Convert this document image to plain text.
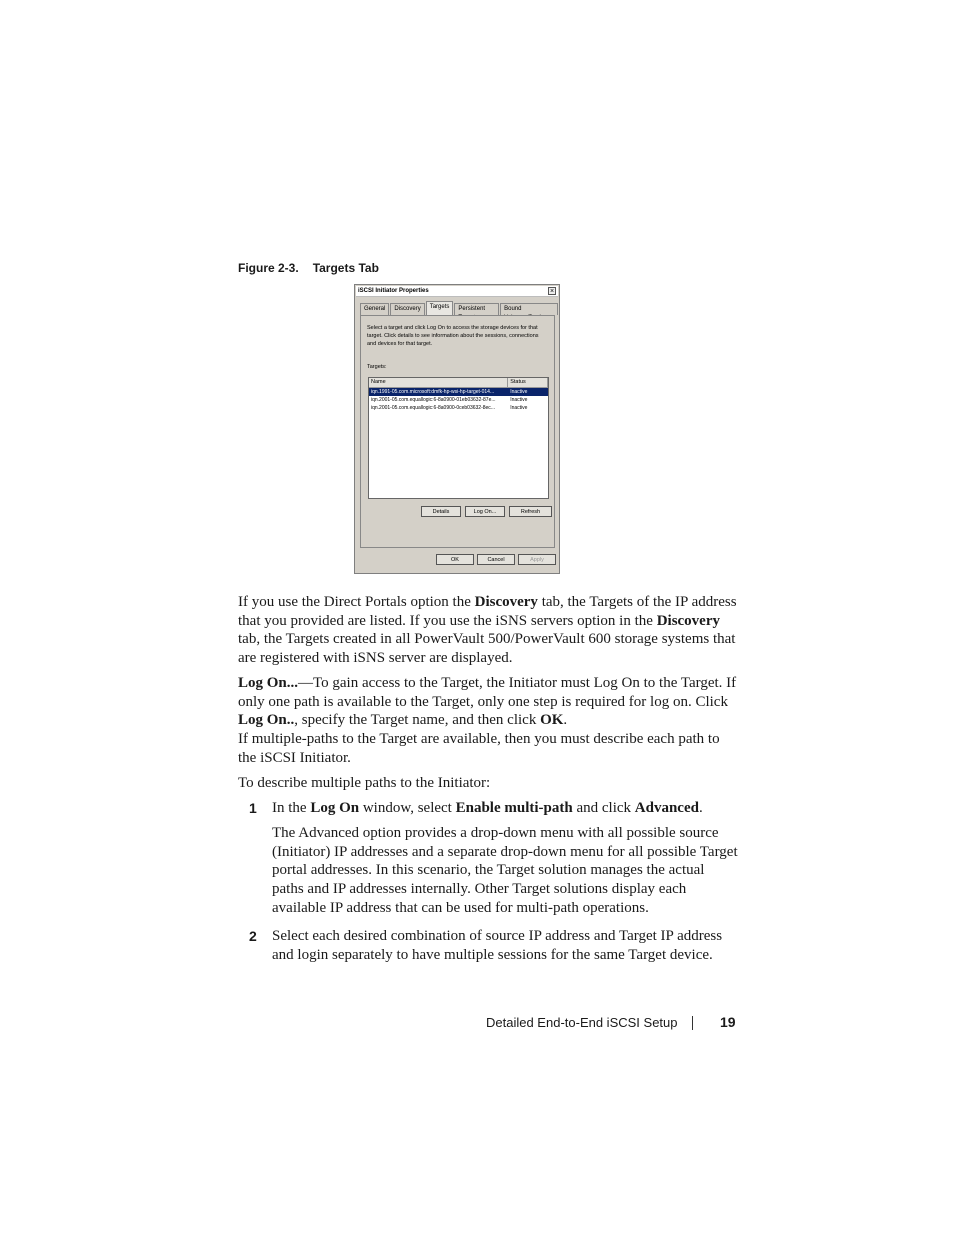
Figure 2-3. Targets Tab
iSCSI Initiator Properties	×
General	Discovery	Targets	Persistent	Bound
Select a target and click Log On to access the storage devices for that target. Click details to see information about the sessions, connections and devices for that target.
Targets:
Name	Status
iqn.1991-05.com.microsoft:dmfk-hp-wsi-hp-target-014...	Inactive
iqn.2001-05.com.equallogic:6-8a0900-01eb03632-87e...	Inactive
iqn.2001-05.com.equallogic:6-8a0900-0ceb03632-8ec...	Inactive
Details	Log On...	Refresh
OK	Cancel	Apply

If you use the Direct Portals option the Discovery tab, the Targets of the IP address that you provided are listed. If you use the iSNS servers option in the Discovery tab, the Targets created in all PowerVault 500/PowerVault 600 storage systems that are registered with iSNS server are displayed.

Log On...—To gain access to the Target, the Initiator must Log On to the Target. If only one path is available to the Target, only one step is required for log on. Click Log On.., specify the Target name, and then click OK.

If multiple-paths to the Target are available, then you must describe each path to the iSCSI Initiator.

To describe multiple paths to the Initiator:

1 In the Log On window, select Enable multi-path and click Advanced.

The Advanced option provides a drop-down menu with all possible source (Initiator) IP addresses and a separate drop-down menu for all possible Target portal addresses. In this scenario, the Target solution manages the actual paths and IP addresses internally. Other Target solutions display each available IP address that can be used for multi-path operations.

2 Select each desired combination of source IP address and Target IP address and login separately to have multiple sessions for the same Target device.

Detailed End-to-End iSCSI Setup	19
